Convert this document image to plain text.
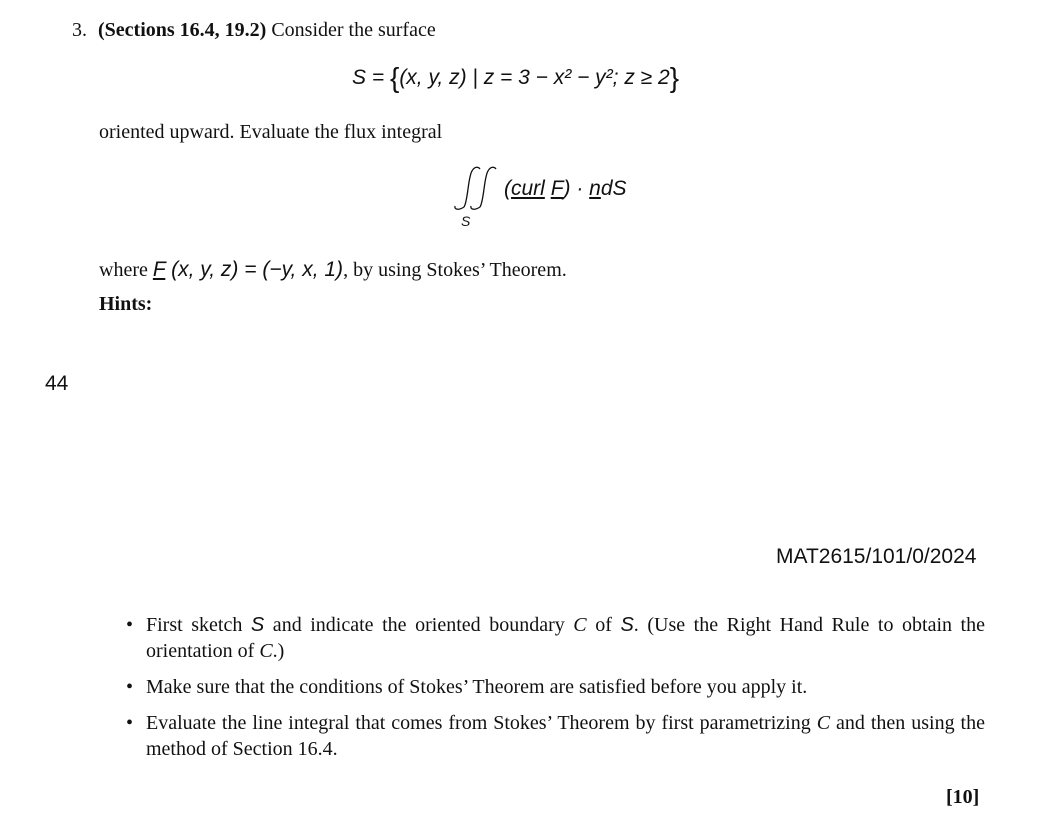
3. (Sections 16.4, 19.2) Consider the surface
S = {(x, y, z) | z = 3 − x² − y²; z ≥ 2}
oriented upward. Evaluate the flux integral
S
(curl F) · ndS
where F (x, y, z) = (−y, x, 1), by using Stokes’ Theorem.
Hints:
44
MAT2615/101/0/2024
• First sketch S and indicate the oriented boundary C of S. (Use the Right Hand Rule to obtain the orientation of C.)
• Make sure that the conditions of Stokes’ Theorem are satisfied before you apply it.
• Evaluate the line integral that comes from Stokes’ Theorem by first parametrizing C and then using the method of Section 16.4.
[10]
